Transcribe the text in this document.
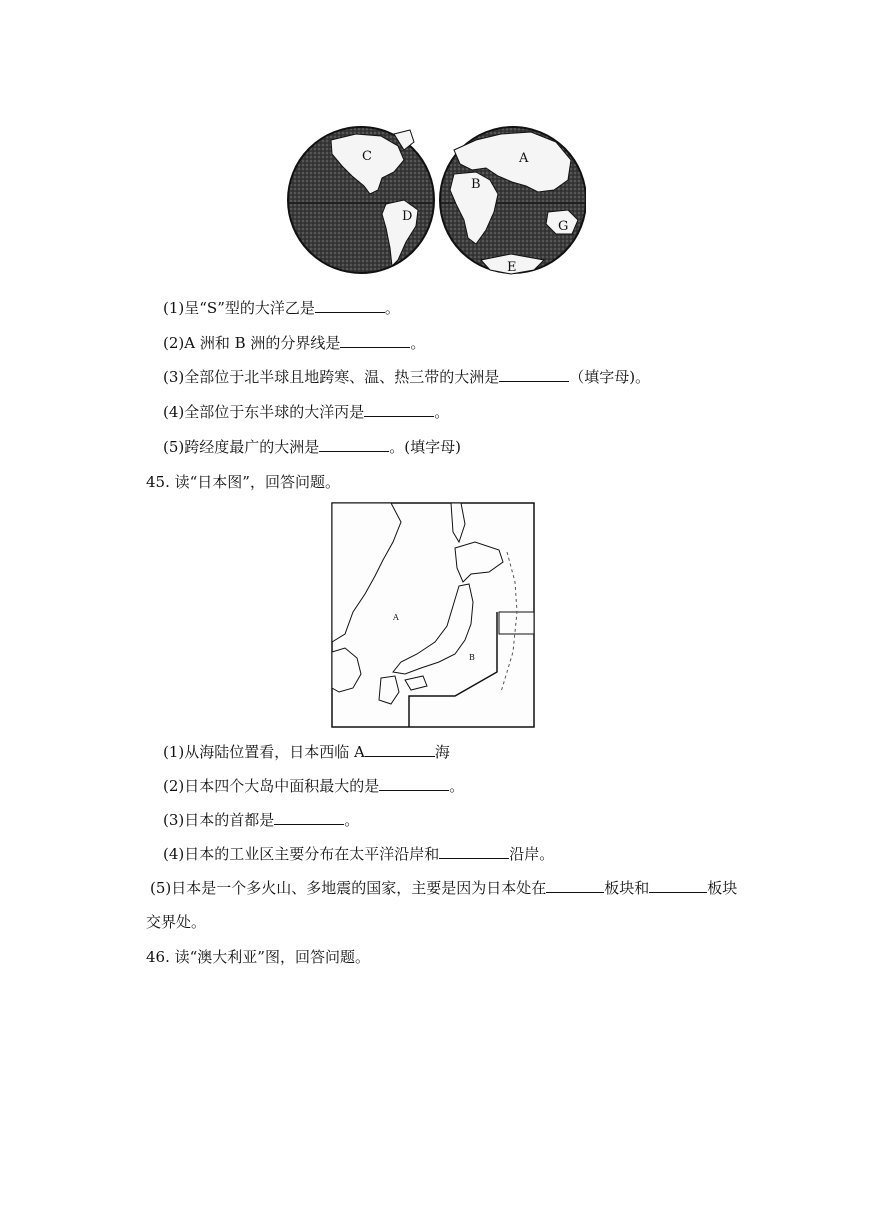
C
D
A
B
G
E
(1)呈“S”型的大洋乙是	。
(2)A 洲和 B 洲的分界线是	。
(3)全部位于北半球且地跨寒、温、热三带的大洲是	（填字母)。
(4)全部位于东半球的大洋丙是	。
(5)跨经度最广的大洲是	。(填字母)
45. 读“日本图”，回答问题。
A
B
(1)从海陆位置看，日本西临 A	海
(2)日本四个大岛中面积最大的是	。
(3)日本的首都是	。
(4)日本的工业区主要分布在太平洋沿岸和	沿岸。
(5)日本是一个多火山、多地震的国家，主要是因为日本处在	板块和	板块
交界处。
46. 读“澳大利亚”图，回答问题。
